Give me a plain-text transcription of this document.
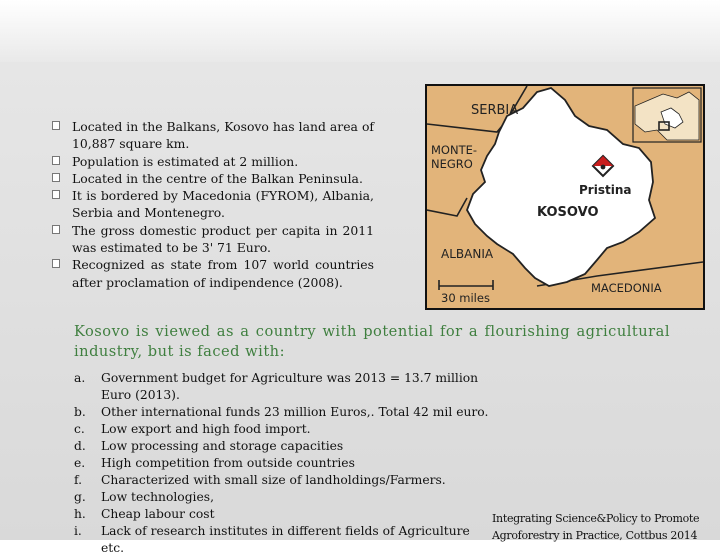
Located in the Balkans, Kosovo has land area of 10,887 square km.
Population is estimated at 2 million.
Located in the centre of the Balkan Peninsula.
It is bordered by Macedonia (FYROM), Albania, Serbia and Montenegro.
The gross domestic product per capita in 2011 was estimated to be 3' 71 Euro.
Recognized as state from 107 world countries after proclamation of indipendence (2008).
SERBIA
MONTE-
NEGRO
Pristina
KOSOVO
ALBANIA
MACEDONIA
30 miles
Kosovo is viewed as a country with potential for a flourishing agricultural industry, but is faced with:
a.	Government budget for Agriculture was 2013 = 13.7 million Euro (2013).
b.	Other international funds 23 million Euros,. Total 42 mil euro.
c.	Low export and high food import.
d.	Low processing and storage capacities
e.	High competition from outside countries
f.	Characterized with small size of landholdings/Farmers.
g.	Low technologies,
h.	Cheap labour cost
i.	Lack of research institutes in different fields of Agriculture etc.
Integrating Science&Policy to Promote
Agroforestry in Practice, Cottbus 2014
